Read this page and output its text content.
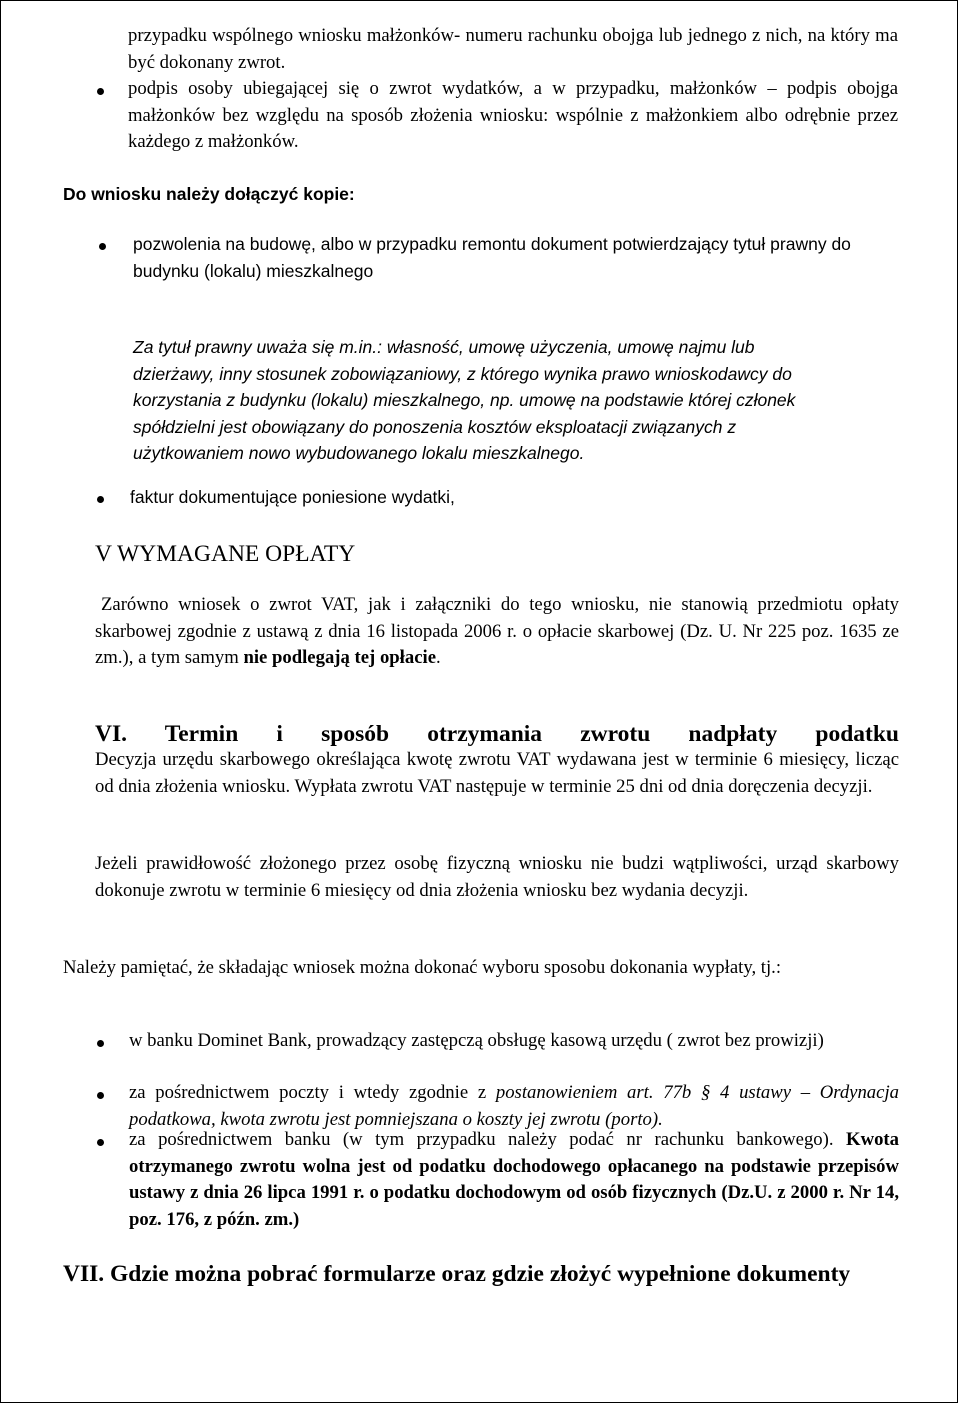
przypadku wspólnego wniosku małżonków- numeru rachunku obojga lub jednego z nich, na który ma być dokonany zwrot.

podpis osoby ubiegającej się o zwrot wydatków, a w przypadku, małżonków – podpis obojga małżonków bez względu na sposób złożenia wniosku: wspólnie z małżonkiem albo odrębnie przez każdego z małżonków.

Do wniosku należy dołączyć kopie:

pozwolenia na budowę, albo w przypadku remontu dokument potwierdzający tytuł prawny do budynku (lokalu) mieszkalnego

Za tytuł prawny uważa się m.in.: własność, umowę użyczenia, umowę najmu lub dzierżawy, inny stosunek zobowiązaniowy, z którego wynika prawo wnioskodawcy do korzystania z budynku (lokalu) mieszkalnego, np. umowę na podstawie której członek spółdzielni jest obowiązany do ponoszenia kosztów eksploatacji związanych z użytkowaniem nowo wybudowanego lokalu mieszkalnego.

faktur dokumentujące poniesione wydatki,

V WYMAGANE OPŁATY

Zarówno wniosek o zwrot VAT, jak i załączniki do tego wniosku, nie stanowią przedmiotu opłaty skarbowej zgodnie z ustawą z dnia 16 listopada 2006 r. o opłacie skarbowej (Dz. U. Nr 225 poz. 1635 ze zm.), a tym samym nie podlegają tej opłacie.

VI. Termin i sposób otrzymania zwrotu nadpłaty podatku

Decyzja urzędu skarbowego określająca kwotę zwrotu VAT wydawana jest w terminie 6 miesięcy, licząc od dnia złożenia wniosku. Wypłata zwrotu VAT następuje w terminie 25 dni od dnia doręczenia decyzji.

Jeżeli prawidłowość złożonego przez osobę fizyczną wniosku nie budzi wątpliwości, urząd skarbowy dokonuje zwrotu w terminie 6 miesięcy od dnia złożenia wniosku bez wydania decyzji.

Należy pamiętać, że składając wniosek można dokonać wyboru sposobu dokonania wypłaty, tj.:

w banku Dominet Bank, prowadzący zastępczą obsługę kasową urzędu ( zwrot bez prowizji)

za pośrednictwem poczty i wtedy zgodnie z postanowieniem art. 77b § 4 ustawy – Ordynacja podatkowa, kwota zwrotu jest pomniejszana o koszty jej zwrotu (porto).

za pośrednictwem banku (w tym przypadku należy podać nr rachunku bankowego). Kwota otrzymanego zwrotu wolna jest od podatku dochodowego opłacanego na podstawie przepisów ustawy z dnia 26 lipca 1991 r. o podatku dochodowym od osób fizycznych (Dz.U. z 2000 r. Nr 14, poz. 176, z późn. zm.)

VII. Gdzie można pobrać formularze oraz gdzie złożyć wypełnione dokumenty
